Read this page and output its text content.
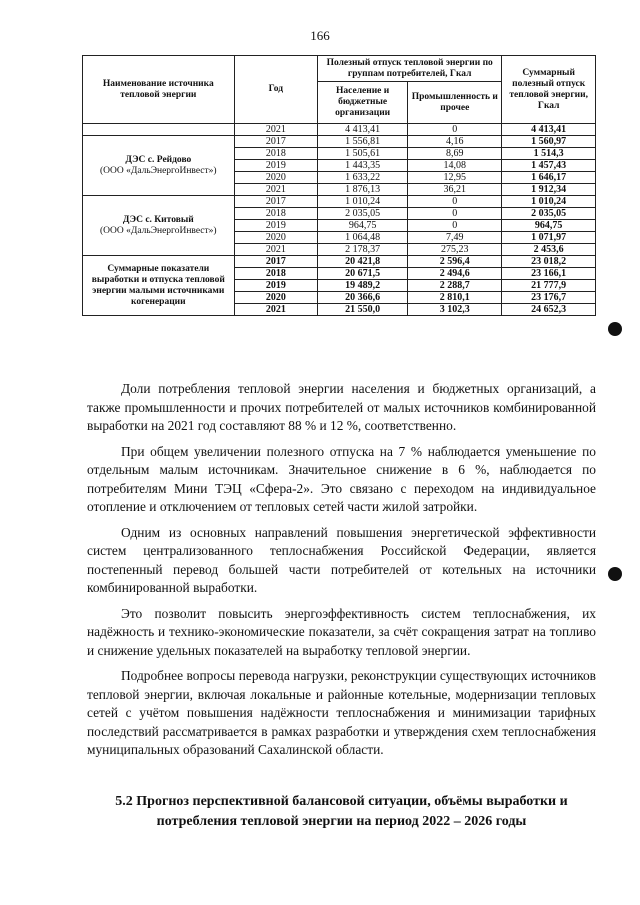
166
Наименование источника тепловой энергии	Год	Полезный отпуск тепловой энергии по группам потребителей, Гкал		Суммарный полезный отпуск тепловой энергии, Гкал
		Население и бюджетные организации	Промышленность и прочее	
	2021	4 413,41	0	4 413,41

ДЭС с. Рейдово
(ООО «ДальЭнергоИнвест»)	2017	1 556,81	4,16	1 560,97
	2018	1 505,61	8,69	1 514,3
	2019	1 443,35	14,08	1 457,43
	2020	1 633,22	12,95	1 646,17
	2021	1 876,13	36,21	1 912,34

ДЭС с. Китовый
(ООО «ДальЭнергоИнвест»)	2017	1 010,24	0	1 010,24
	2018	2 035,05	0	2 035,05
	2019	964,75	0	964,75
	2020	1 064,48	7,49	1 071,97
	2021	2 178,37	275,23	2 453,6

Суммарные показатели выработки и отпуска тепловой энергии малыми источниками когенерации	2017	20 421,8	2 596,4	23 018,2
	2018	20 671,5	2 494,6	23 166,1
	2019	19 489,2	2 288,7	21 777,9
	2020	20 366,6	2 810,1	23 176,7
	2021	21 550,0	3 102,3	24 652,3

Доли потребления тепловой энергии населения и бюджетных организаций, а также промышленности и прочих потребителей от малых источников комбинированной выработки на 2021 год составляют 88 % и 12 %, соответственно.

При общем увеличении полезного отпуска на 7 % наблюдается уменьшение по отдельным малым источникам. Значительное снижение в 6 %, наблюдается по потребителям Мини ТЭЦ «Сфера-2». Это связано с переходом на индивидуальное отопление и отключением от тепловых сетей части жилой затройки.

Одним из основных направлений повышения энергетической эффективности систем централизованного теплоснабжения Российской Федерации, является постепенный перевод большей части потребителей от котельных на источники комбинированной выработки.

Это позволит повысить энергоэффективность систем теплоснабжения, их надёжность и технико-экономические показатели, за счёт сокращения затрат на топливо и снижение удельных показателей на выработку тепловой энергии.

Подробнее вопросы перевода нагрузки, реконструкции существующих источников тепловой энергии, включая локальные и районные котельные, модернизации тепловых сетей с учётом повышения надёжности теплоснабжения и минимизации тарифных последствий рассматривается в рамках разработки и утверждения схем теплоснабжения муниципальных образований Сахалинской области.

5.2 Прогноз перспективной балансовой ситуации, объёмы выработки и потребления тепловой энергии на период 2022 – 2026 годы
